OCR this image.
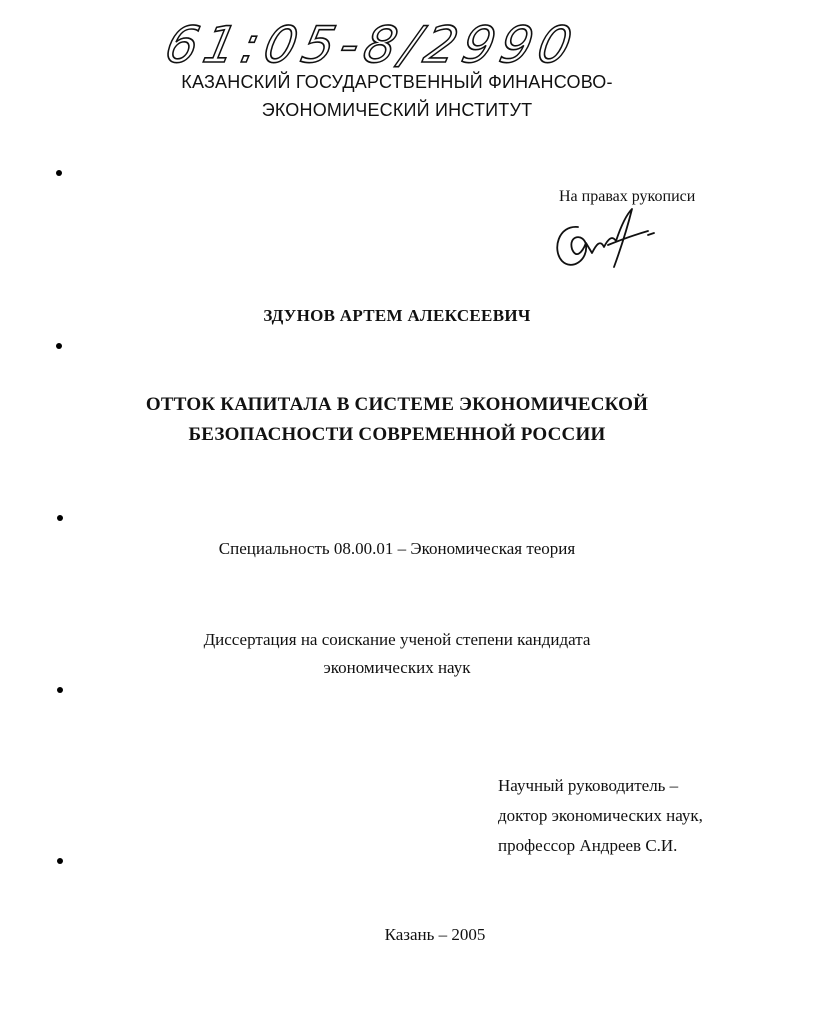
61:05-8/2990
КАЗАНСКИЙ ГОСУДАРСТВЕННЫЙ ФИНАНСОВО-
ЭКОНОМИЧЕСКИЙ ИНСТИТУТ
На правах рукописи
ЗДУНОВ АРТЕМ АЛЕКСЕЕВИЧ
ОТТОК КАПИТАЛА В СИСТЕМЕ ЭКОНОМИЧЕСКОЙ
БЕЗОПАСНОСТИ СОВРЕМЕННОЙ РОССИИ
Специальность 08.00.01 – Экономическая теория
Диссертация на соискание ученой степени кандидата
экономических наук
Научный руководитель –
доктор экономических наук,
профессор Андреев С.И.
Казань – 2005
